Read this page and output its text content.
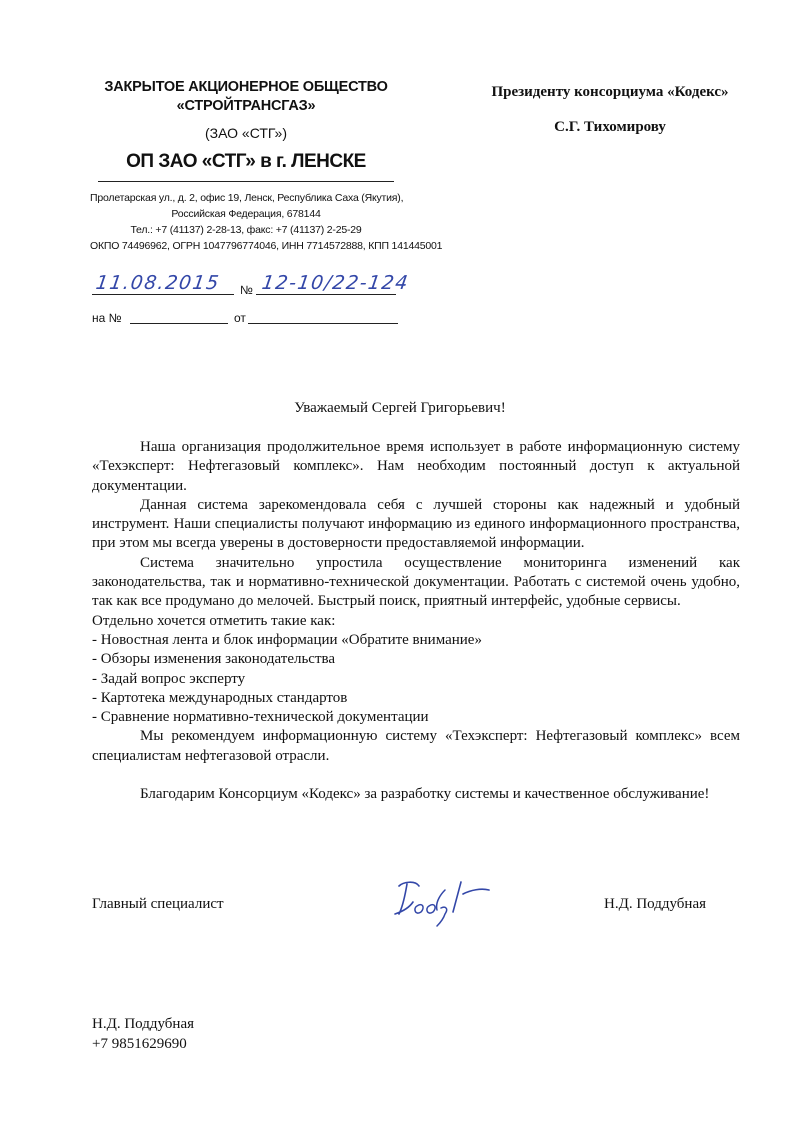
ЗАКРЫТОЕ АКЦИОНЕРНОЕ ОБЩЕСТВО
«СТРОЙТРАНСГАЗ»
(ЗАО «СТГ»)
ОП ЗАО «СТГ» в г. ЛЕНСКЕ
Пролетарская ул., д. 2, офис 19, Ленск, Республика Саха (Якутия),
Российская Федерация, 678144
Тел.: +7 (41137) 2-28-13, факс: +7 (41137) 2-25-29
ОКПО 74496962, ОГРН 1047796774046, ИНН 7714572888, КПП 141445001
11.08.2015 № 12-10/22-124
на №	от
Президенту консорциума «Кодекс»
С.Г. Тихомирову
Уважаемый Сергей Григорьевич!

Наша организация продолжительное время использует в работе информационную систему «Техэксперт: Нефтегазовый комплекс». Нам необходим постоянный доступ к актуальной документации.

Данная система зарекомендовала себя с лучшей стороны как надежный и удобный инструмент. Наши специалисты получают информацию из единого информационного пространства, при этом мы всегда уверены в достоверности предоставляемой информации.

Система значительно упростила осуществление мониторинга изменений как законодательства, так и нормативно-технической документации. Работать с системой очень удобно, так как все продумано до мелочей. Быстрый поиск, приятный интерфейс, удобные сервисы.

Отдельно хочется отметить такие как:

- Новостная лента и блок информации «Обратите внимание»

- Обзоры изменения законодательства

- Задай вопрос эксперту

- Картотека международных стандартов

- Сравнение нормативно-технической документации

Мы рекомендуем информационную систему «Техэксперт: Нефтегазовый комплекс» всем специалистам нефтегазовой отрасли.

Благодарим Консорциум «Кодекс» за разработку системы и качественное обслуживание!

Главный специалист	Н.Д. Поддубная
Н.Д. Поддубная
+7 9851629690
